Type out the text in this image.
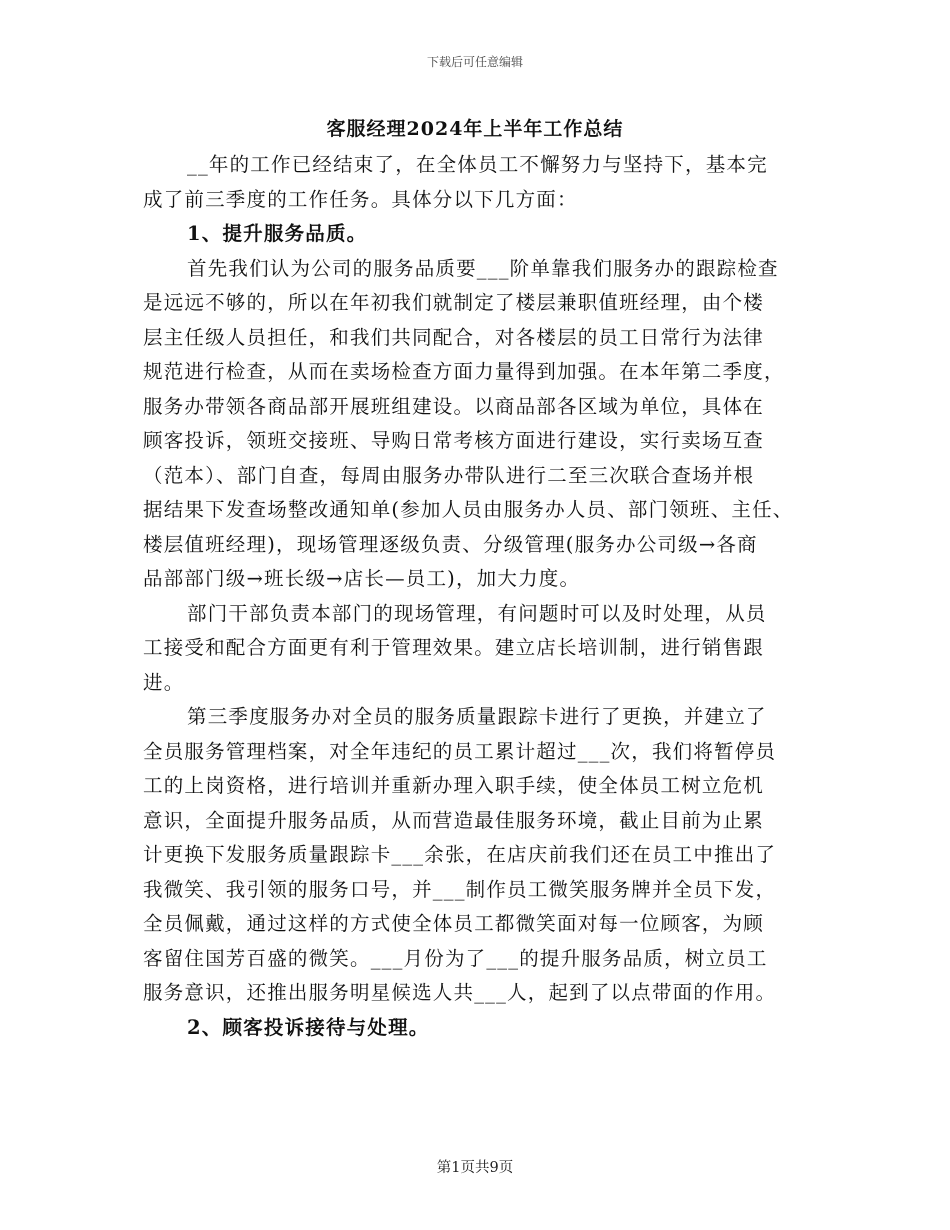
下载后可任意编辑
客服经理2024年上半年工作总结
__年的工作已经结束了，在全体员工不懈努力与坚持下，基本完
成了前三季度的工作任务。具体分以下几方面：
1、提升服务品质。
首先我们认为公司的服务品质要___阶单靠我们服务办的跟踪检查
是远远不够的，所以在年初我们就制定了楼层兼职值班经理，由个楼
层主任级人员担任，和我们共同配合，对各楼层的员工日常行为法律
规范进行检查，从而在卖场检查方面力量得到加强。在本年第二季度，
服务办带领各商品部开展班组建设。以商品部各区域为单位，具体在
顾客投诉，领班交接班、导购日常考核方面进行建设，实行卖场互查
（范本）、部门自查，每周由服务办带队进行二至三次联合查场并根
据结果下发查场整改通知单(参加人员由服务办人员、部门领班、主任、
楼层值班经理)，现场管理逐级负责、分级管理(服务办公司级→各商
品部部门级→班长级→店长—员工)，加大力度。
部门干部负责本部门的现场管理，有问题时可以及时处理，从员
工接受和配合方面更有利于管理效果。建立店长培训制，进行销售跟
进。
第三季度服务办对全员的服务质量跟踪卡进行了更换，并建立了
全员服务管理档案，对全年违纪的员工累计超过___次，我们将暂停员
工的上岗资格，进行培训并重新办理入职手续，使全体员工树立危机
意识，全面提升服务品质，从而营造最佳服务环境，截止目前为止累
计更换下发服务质量跟踪卡___余张，在店庆前我们还在员工中推出了
我微笑、我引领的服务口号，并___制作员工微笑服务牌并全员下发，
全员佩戴，通过这样的方式使全体员工都微笑面对每一位顾客，为顾
客留住国芳百盛的微笑。___月份为了___的提升服务品质，树立员工
服务意识，还推出服务明星候选人共___人，起到了以点带面的作用。
2、顾客投诉接待与处理。
第1页共9页
